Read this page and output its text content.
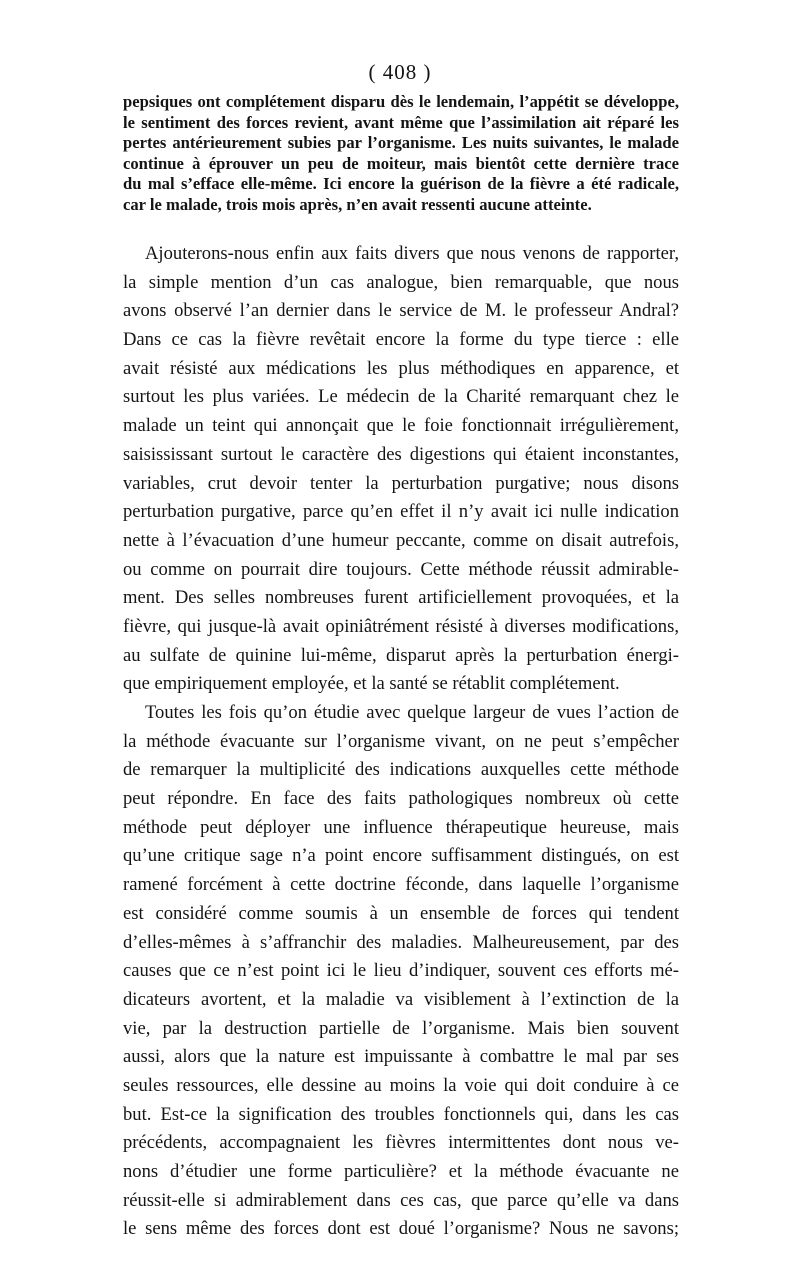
( 408 )
pepsiques ont complétement disparu dès le lendemain, l’appétit se développe,
le sentiment des forces revient, avant même que l’assimilation ait réparé les
pertes antérieurement subies par l’organisme. Les nuits suivantes, le malade
continue à éprouver un peu de moiteur, mais bientôt cette dernière trace
du mal s’efface elle-même. Ici encore la guérison de la fièvre a été radicale,
car le malade, trois mois après, n’en avait ressenti aucune atteinte.
Ajouterons-nous enfin aux faits divers que nous venons de rapporter,
la simple mention d’un cas analogue, bien remarquable, que nous
avons observé l’an dernier dans le service de M. le professeur Andral?
Dans ce cas la fièvre revêtait encore la forme du type tierce : elle
avait résisté aux médications les plus méthodiques en apparence, et
surtout les plus variées. Le médecin de la Charité remarquant chez le
malade un teint qui annonçait que le foie fonctionnait irrégulièrement,
saisississant surtout le caractère des digestions qui étaient inconstantes,
variables, crut devoir tenter la perturbation purgative; nous disons
perturbation purgative, parce qu’en effet il n’y avait ici nulle indication
nette à l’évacuation d’une humeur peccante, comme on disait autrefois,
ou comme on pourrait dire toujours. Cette méthode réussit admirable-
ment. Des selles nombreuses furent artificiellement provoquées, et la
fièvre, qui jusque-là avait opiniâtrément résisté à diverses modifications,
au sulfate de quinine lui-même, disparut après la perturbation énergi-
que empiriquement employée, et la santé se rétablit complétement.
Toutes les fois qu’on étudie avec quelque largeur de vues l’action de
la méthode évacuante sur l’organisme vivant, on ne peut s’empêcher
de remarquer la multiplicité des indications auxquelles cette méthode
peut répondre. En face des faits pathologiques nombreux où cette
méthode peut déployer une influence thérapeutique heureuse, mais
qu’une critique sage n’a point encore suffisamment distingués, on est
ramené forcément à cette doctrine féconde, dans laquelle l’organisme
est considéré comme soumis à un ensemble de forces qui tendent
d’elles-mêmes à s’affranchir des maladies. Malheureusement, par des
causes que ce n’est point ici le lieu d’indiquer, souvent ces efforts mé-
dicateurs avortent, et la maladie va visiblement à l’extinction de la
vie, par la destruction partielle de l’organisme. Mais bien souvent
aussi, alors que la nature est impuissante à combattre le mal par ses
seules ressources, elle dessine au moins la voie qui doit conduire à ce
but. Est-ce la signification des troubles fonctionnels qui, dans les cas
précédents, accompagnaient les fièvres intermittentes dont nous ve-
nons d’étudier une forme particulière? et la méthode évacuante ne
réussit-elle si admirablement dans ces cas, que parce qu’elle va dans
le sens même des forces dont est doué l’organisme? Nous ne savons;
